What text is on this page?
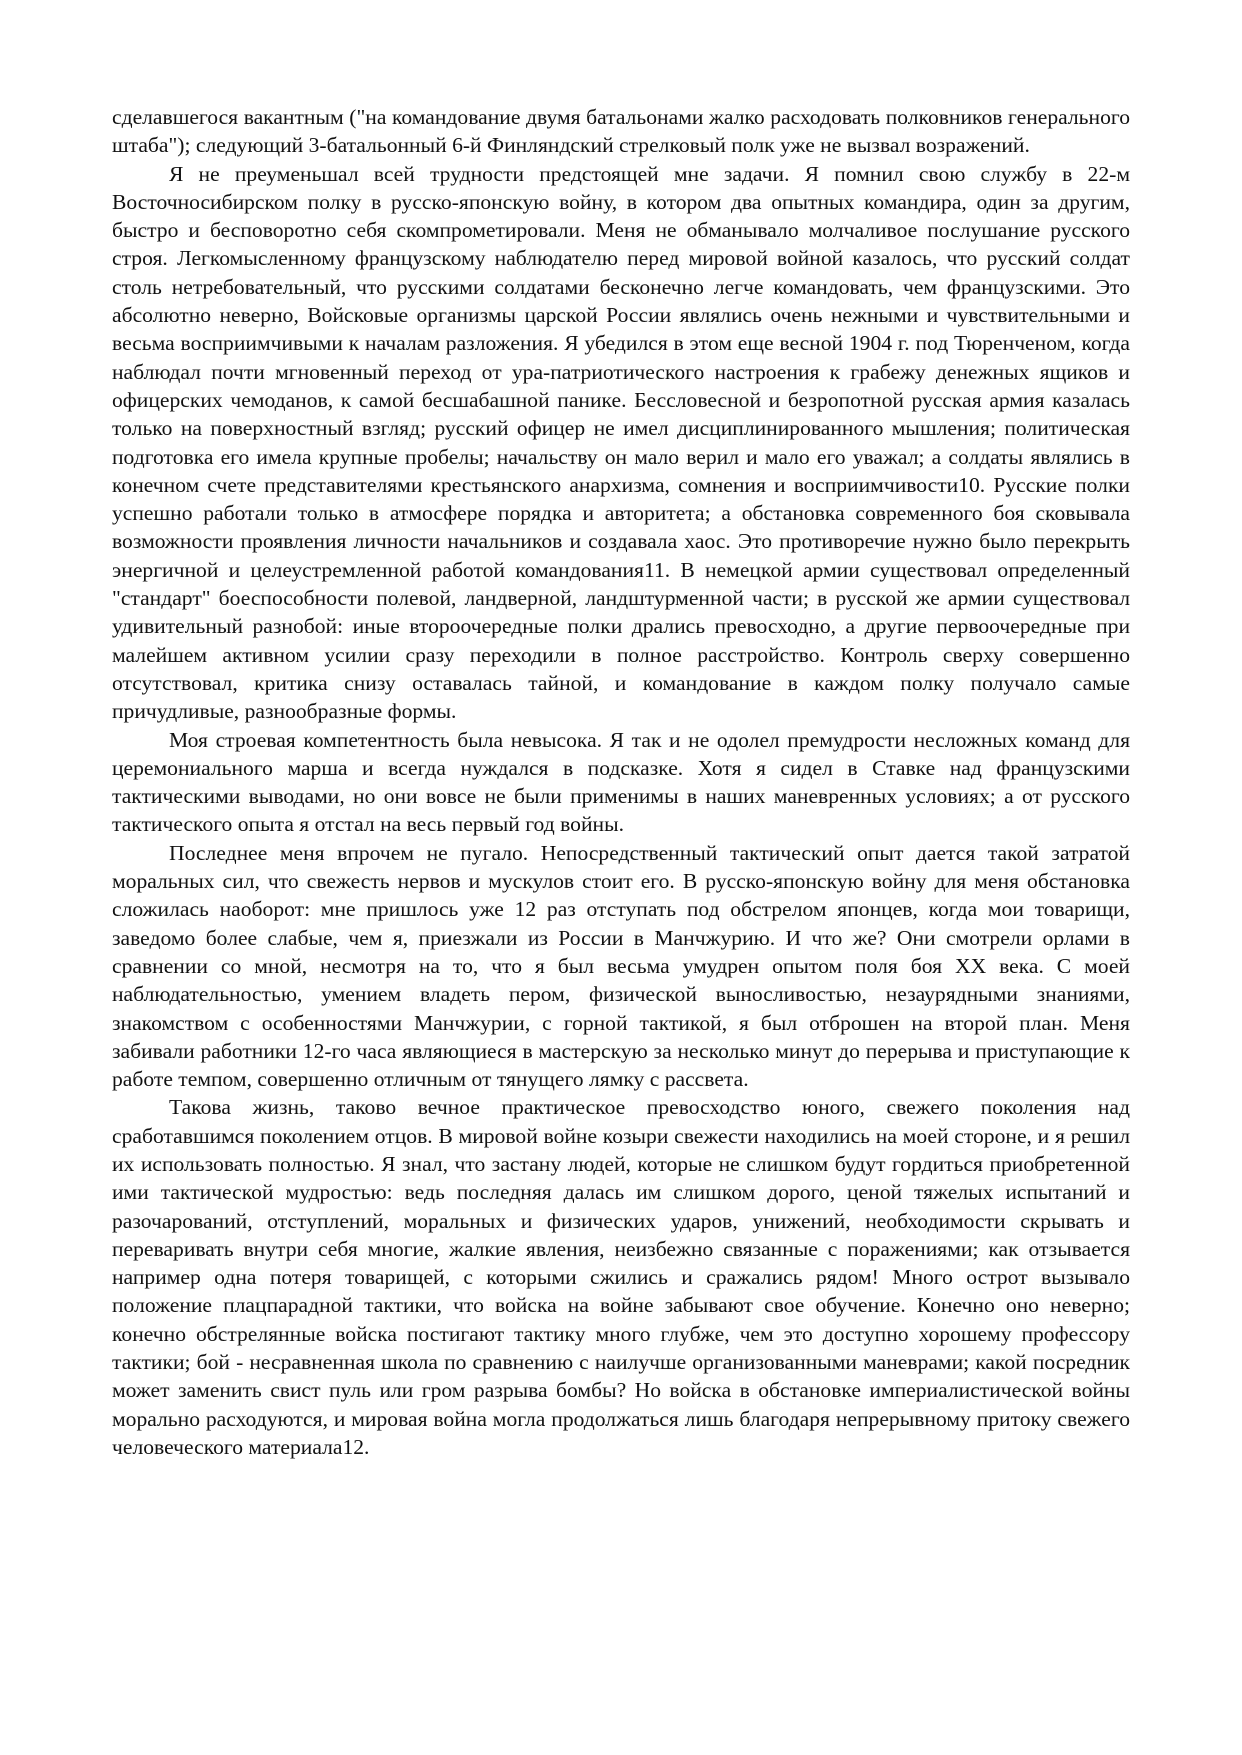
сделавшегося вакантным ("на командование двумя батальонами жалко расходовать полковников генерального штаба"); следующий 3-батальонный 6-й Финляндский стрелковый полк уже не вызвал возражений.

Я не преуменьшал всей трудности предстоящей мне задачи. Я помнил свою службу в 22-м Восточносибирском полку в русско-японскую войну, в котором два опытных командира, один за другим, быстро и бесповоротно себя скомпрометировали. Меня не обманывало молчаливое послушание русского строя. Легкомысленному французскому наблюдателю перед мировой войной казалось, что русский солдат столь нетребовательный, что русскими солдатами бесконечно легче командовать, чем французскими. Это абсолютно неверно, Войсковые организмы царской России являлись очень нежными и чувствительными и весьма восприимчивыми к началам разложения. Я убедился в этом еще весной 1904 г. под Тюренченом, когда наблюдал почти мгновенный переход от ура-патриотического настроения к грабежу денежных ящиков и офицерских чемоданов, к самой бесшабашной панике. Бессловесной и безропотной русская армия казалась только на поверхностный взгляд; русский офицер не имел дисциплинированного мышления; политическая подготовка его имела крупные пробелы; начальству он мало верил и мало его уважал; а солдаты являлись в конечном счете представителями крестьянского анархизма, сомнения и восприимчивости10. Русские полки успешно работали только в атмосфере порядка и авторитета; а обстановка современного боя сковывала возможности проявления личности начальников и создавала хаос. Это противоречие нужно было перекрыть энергичной и целеустремленной работой командования11. В немецкой армии существовал определенный "стандарт" боеспособности полевой, ландверной, ландштурменной части; в русской же армии существовал удивительный разнобой: иные второочередные полки дрались превосходно, а другие первоочередные при малейшем активном усилии сразу переходили в полное расстройство. Контроль сверху совершенно отсутствовал, критика снизу оставалась тайной, и командование в каждом полку получало самые причудливые, разнообразные формы.

Моя строевая компетентность была невысока. Я так и не одолел премудрости несложных команд для церемониального марша и всегда нуждался в подсказке. Хотя я сидел в Ставке над французскими тактическими выводами, но они вовсе не были применимы в наших маневренных условиях; а от русского тактического опыта я отстал на весь первый год войны.

Последнее меня впрочем не пугало. Непосредственный тактический опыт дается такой затратой моральных сил, что свежесть нервов и мускулов стоит его. В русско-японскую войну для меня обстановка сложилась наоборот: мне пришлось уже 12 раз отступать под обстрелом японцев, когда мои товарищи, заведомо более слабые, чем я, приезжали из России в Манчжурию. И что же? Они смотрели орлами в сравнении со мной, несмотря на то, что я был весьма умудрен опытом поля боя XX века. С моей наблюдательностью, умением владеть пером, физической выносливостью, незаурядными знаниями, знакомством с особенностями Манчжурии, с горной тактикой, я был отброшен на второй план. Меня забивали работники 12-го часа являющиеся в мастерскую за несколько минут до перерыва и приступающие к работе темпом, совершенно отличным от тянущего лямку с рассвета.

Такова жизнь, таково вечное практическое превосходство юного, свежего поколения над сработавшимся поколением отцов. В мировой войне козыри свежести находились на моей стороне, и я решил их использовать полностью. Я знал, что застану людей, которые не слишком будут гордиться приобретенной ими тактической мудростью: ведь последняя далась им слишком дорого, ценой тяжелых испытаний и разочарований, отступлений, моральных и физических ударов, унижений, необходимости скрывать и переваривать внутри себя многие, жалкие явления, неизбежно связанные с поражениями; как отзывается например одна потеря товарищей, с которыми сжились и сражались рядом! Много острот вызывало положение плацпарадной тактики, что войска на войне забывают свое обучение. Конечно оно неверно; конечно обстрелянные войска постигают тактику много глубже, чем это доступно хорошему профессору тактики; бой - несравненная школа по сравнению с наилучше организованными маневрами; какой посредник может заменить свист пуль или гром разрыва бомбы? Но войска в обстановке империалистической войны морально расходуются, и мировая война могла продолжаться лишь благодаря непрерывному притоку свежего человеческого материала12.
